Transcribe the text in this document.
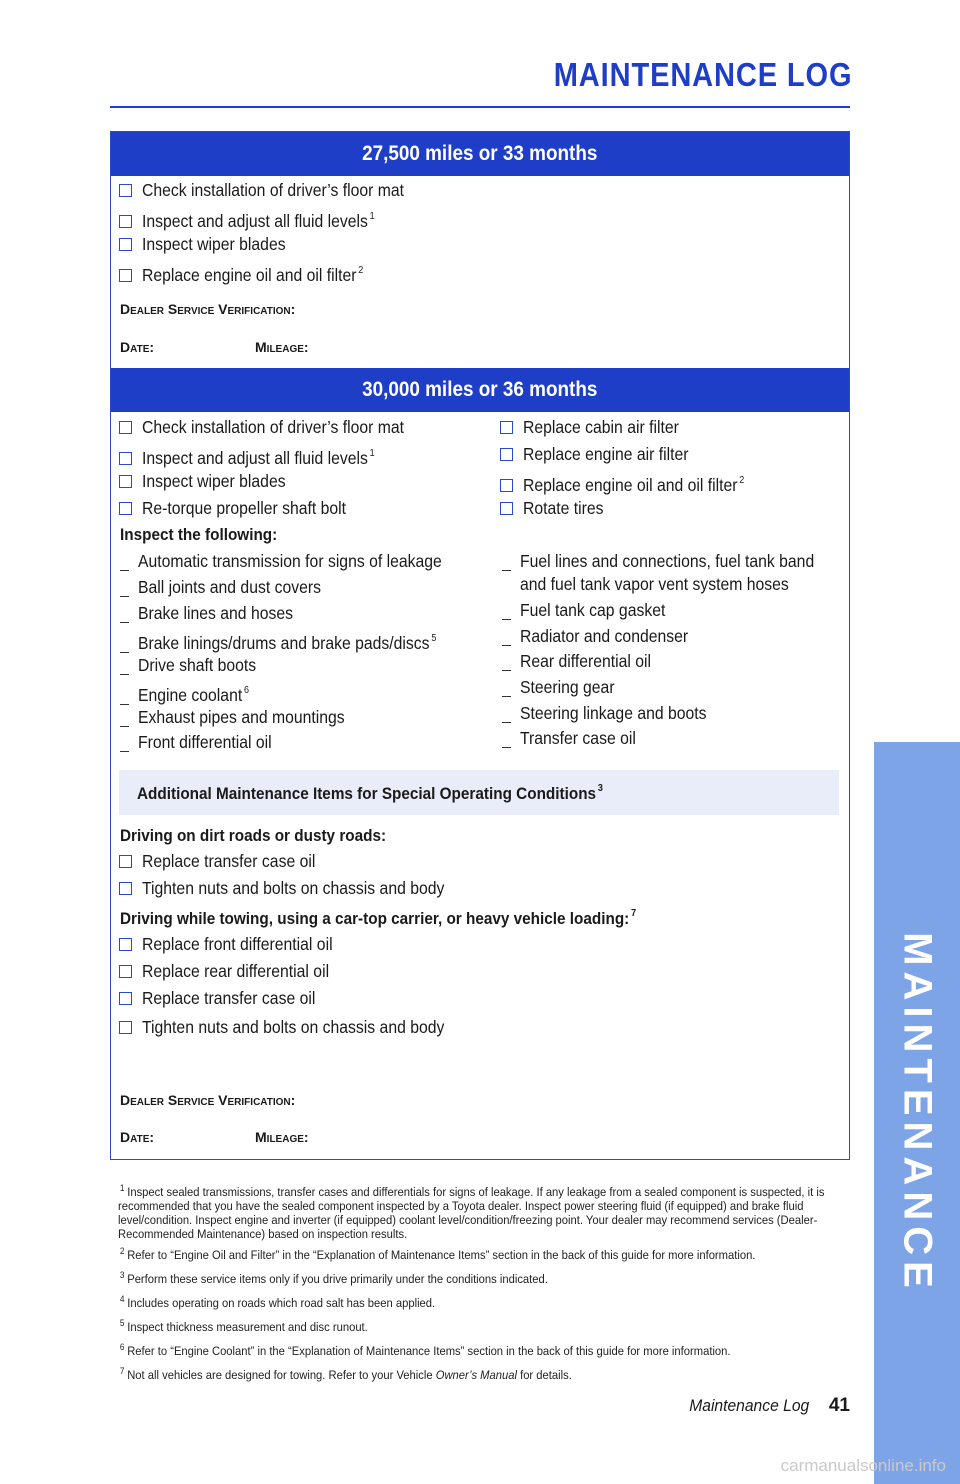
MAINTENANCE LOG
27,500 miles or 33 months
Check installation of driver’s floor mat
Inspect and adjust all fluid levels $^1$
Inspect wiper blades
Replace engine oil and oil filter $^2$
Dealer Service Verification:
Date:	Mileage:
30,000 miles or 36 months
Check installation of driver’s floor mat
Inspect and adjust all fluid levels $^1$
Inspect wiper blades
Re-torque propeller shaft bolt
Replace cabin air filter
Replace engine air filter
Replace engine oil and oil filter $^2$
Rotate tires
Inspect the following:
Automatic transmission for signs of leakage
Ball joints and dust covers
Brake lines and hoses
Brake linings/drums and brake pads/discs $^5$
Drive shaft boots
Engine coolant $^6$
Exhaust pipes and mountings
Front differential oil
Fuel lines and connections, fuel tank band
and fuel tank vapor vent system hoses
Fuel tank cap gasket
Radiator and condenser
Rear differential oil
Steering gear
Steering linkage and boots
Transfer case oil
Additional Maintenance Items for Special Operating Conditions $^3$
Driving on dirt roads or dusty roads:
Replace transfer case oil
Tighten nuts and bolts on chassis and body
Driving while towing, using a car-top carrier, or heavy vehicle loading: $^7$
Replace front differential oil
Replace rear differential oil
Replace transfer case oil
Tighten nuts and bolts on chassis and body
Dealer Service Verification:
Date:	Mileage:

$^1$ Inspect sealed transmissions, transfer cases and differentials for signs of leakage. If any leakage from a sealed component is suspected, it is recommended that you have the sealed component inspected by a Toyota dealer. Inspect power steering fluid (if equipped) and brake fluid level/condition. Inspect engine and inverter (if equipped) coolant level/condition/freezing point. Your dealer may recommend services (Dealer-Recommended Maintenance) based on inspection results.

$^2$ Refer to “Engine Oil and Filter” in the “Explanation of Maintenance Items” section in the back of this guide for more information.

$^3$ Perform these service items only if you drive primarily under the conditions indicated.

$^4$ Includes operating on roads which road salt has been applied.

$^5$ Inspect thickness measurement and disc runout.

$^6$ Refer to “Engine Coolant” in the “Explanation of Maintenance Items” section in the back of this guide for more information.

$^7$ Not all vehicles are designed for towing. Refer to your Vehicle Owner’s Manual for details.

Maintenance Log 41
MAINTENANCE
carmanualsonline.info
